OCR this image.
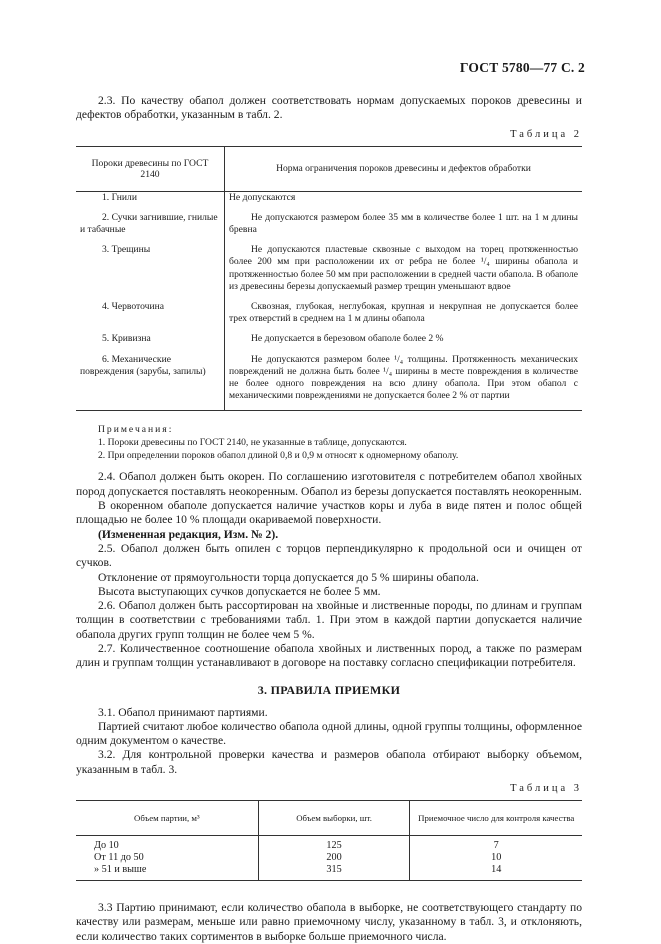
ГОСТ 5780—77 С. 2

2.3. По качеству обапол должен соответствовать нормам допускаемых пороков древесины и дефектов обработки, указанным в табл. 2.

Таблица 2
Пороки древесины по ГОСТ 2140	Норма ограничения пороков древесины и дефектов обработки

1. Гнили	Не допускаются

2. Сучки загнившие, гнилые и табачные	Не допускаются размером более 35 мм в количестве более 1 шт. на 1 м длины бревна

3. Трещины	Не допускаются пластевые сквозные с выходом на торец протяженностью более 200 мм при расположении их от ребра не более ¹/₄ ширины обапола и протяженностью более 50 мм при расположении в средней части обапола. В обаполе из древесины березы допускаемый размер трещин уменьшают вдвое

4. Червоточина	Сквозная, глубокая, неглубокая, крупная и некрупная не допускается более трех отверстий в среднем на 1 м длины обапола

5. Кривизна	Не допускается в березовом обаполе более 2 %

6. Механические повреждения (зарубы, запилы)	Не допускаются размером более ¹/₄ толщины. Протяженность механических повреждений не должна быть более ¹/₄ ширины в месте повреждения в количестве не более одного повреждения на всю длину обапола. При этом обапол с механическими повреждениями не допускается более 2 % от партии
Примечания:
1. Пороки древесины по ГОСТ 2140, не указанные в таблице, допускаются.
2. При определении пороков обапол длиной 0,8 и 0,9 м относят к одномерному обаполу.

2.4. Обапол должен быть окорен. По соглашению изготовителя с потребителем обапол хвойных пород допускается поставлять неокоренным. Обапол из березы допускается поставлять неокоренным.

В окоренном обаполе допускается наличие участков коры и луба в виде пятен и полос общей площадью не более 10 % площади окариваемой поверхности.

(Измененная редакция, Изм. № 2).

2.5. Обапол должен быть опилен с торцов перпендикулярно к продольной оси и очищен от сучков.

Отклонение от прямоугольности торца допускается до 5 % ширины обапола.

Высота выступающих сучков допускается не более 5 мм.

2.6. Обапол должен быть рассортирован на хвойные и лиственные породы, по длинам и группам толщин в соответствии с требованиями табл. 1. При этом в каждой партии допускается наличие обапола других групп толщин не более чем 5 %.

2.7. Количественное соотношение обапола хвойных и лиственных пород, а также по размерам длин и группам толщин устанавливают в договоре на поставку согласно спецификации потребителя.

3. ПРАВИЛА ПРИЕМКИ

3.1. Обапол принимают партиями.

Партией считают любое количество обапола одной длины, одной группы толщины, оформленное одним документом о качестве.

3.2. Для контрольной проверки качества и размеров обапола отбирают выборку объемом, указанным в табл. 3.

Таблица 3
Объем партии, м³	Объем выборки, шт.	Приемочное число для контроля качества
До 10	125	7
От 11 до 50	200	10
» 51 и выше	315	14

3.3 Партию принимают, если количество обапола в выборке, не соответствующего стандарту по качеству или размерам, меньше или равно приемочному числу, указанному в табл. 3, и отклоняють, если количество таких сортиментов в выборке больше приемочного числа.
